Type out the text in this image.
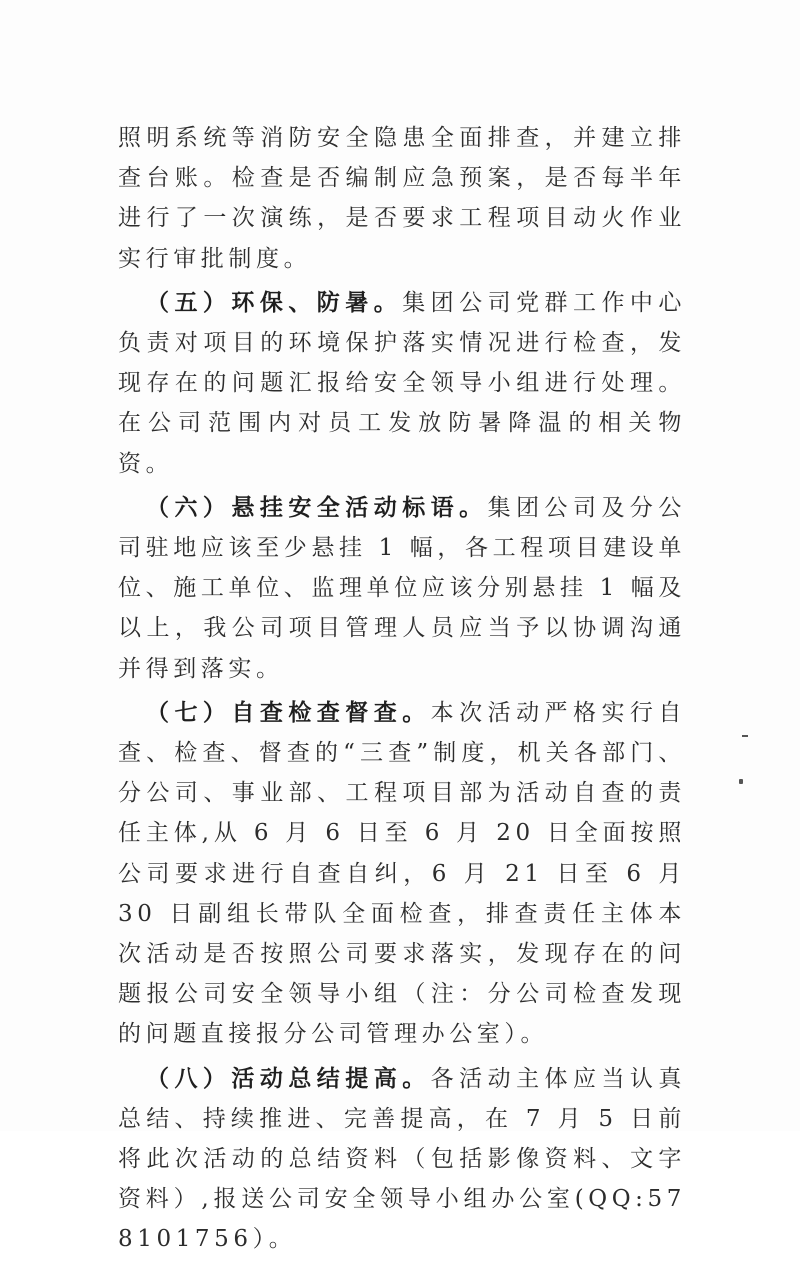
照明系统等消防安全隐患全面排查，并建立排查台账。检查是否编制应急预案，是否每半年进行了一次演练，是否要求工程项目动火作业实行审批制度。

（五）环保、防暑。集团公司党群工作中心负责对项目的环境保护落实情况进行检查，发现存在的问题汇报给安全领导小组进行处理。在公司范围内对员工发放防暑降温的相关物资。

（六）悬挂安全活动标语。集团公司及分公司驻地应该至少悬挂 1 幅，各工程项目建设单位、施工单位、监理单位应该分别悬挂 1 幅及以上，我公司项目管理人员应当予以协调沟通并得到落实。

（七）自查检查督查。本次活动严格实行自查、检查、督查的“三查”制度，机关各部门、分公司、事业部、工程项目部为活动自查的责任主体,从 6 月 6 日至 6 月 20 日全面按照公司要求进行自查自纠，6 月 21 日至 6 月 30 日副组长带队全面检查，排查责任主体本次活动是否按照公司要求落实，发现存在的问题报公司安全领导小组（注：分公司检查发现的问题直接报分公司管理办公室）。

（八）活动总结提高。各活动主体应当认真总结、持续推进、完善提高，在 7 月 5 日前将此次活动的总结资料（包括影像资料、文字资料）,报送公司安全领导小组办公室(QQ:578101756）。
